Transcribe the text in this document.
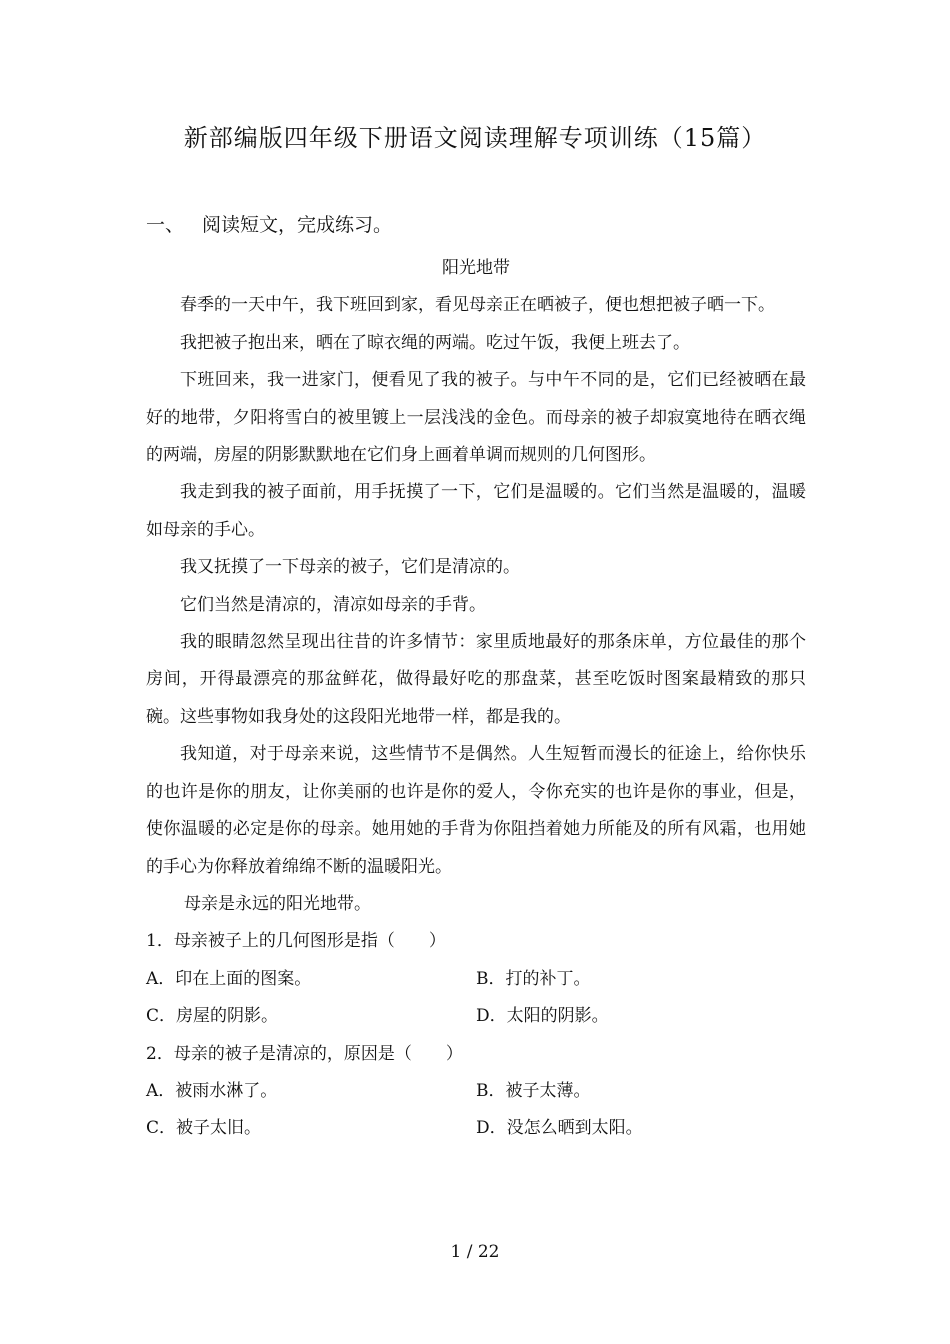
新部编版四年级下册语文阅读理解专项训练（15篇）
一、 阅读短文，完成练习。
阳光地带

春季的一天中午，我下班回到家，看见母亲正在晒被子，便也想把被子晒一下。

我把被子抱出来，晒在了晾衣绳的两端。吃过午饭，我便上班去了。

下班回来，我一进家门，便看见了我的被子。与中午不同的是，它们已经被晒在最好的地带，夕阳将雪白的被里镀上一层浅浅的金色。而母亲的被子却寂寞地待在晒衣绳的两端，房屋的阴影默默地在它们身上画着单调而规则的几何图形。

我走到我的被子面前，用手抚摸了一下，它们是温暖的。它们当然是温暖的，温暖如母亲的手心。

我又抚摸了一下母亲的被子，它们是清凉的。

它们当然是清凉的，清凉如母亲的手背。

我的眼睛忽然呈现出往昔的许多情节：家里质地最好的那条床单，方位最佳的那个房间，开得最漂亮的那盆鲜花，做得最好吃的那盘菜，甚至吃饭时图案最精致的那只碗。这些事物如我身处的这段阳光地带一样，都是我的。

我知道，对于母亲来说，这些情节不是偶然。人生短暂而漫长的征途上，给你快乐的也许是你的朋友，让你美丽的也许是你的爱人，令你充实的也许是你的事业，但是，使你温暖的必定是你的母亲。她用她的手背为你阻挡着她力所能及的所有风霜，也用她的手心为你释放着绵绵不断的温暖阳光。

母亲是永远的阳光地带。

1．母亲被子上的几何图形是指（　　）

A．印在上面的图案。	B．打的补丁。
C．房屋的阴影。	D．太阳的阴影。

2．母亲的被子是清凉的，原因是（　　）

A．被雨水淋了。	B．被子太薄。
C．被子太旧。	D．没怎么晒到太阳。
1 / 22
